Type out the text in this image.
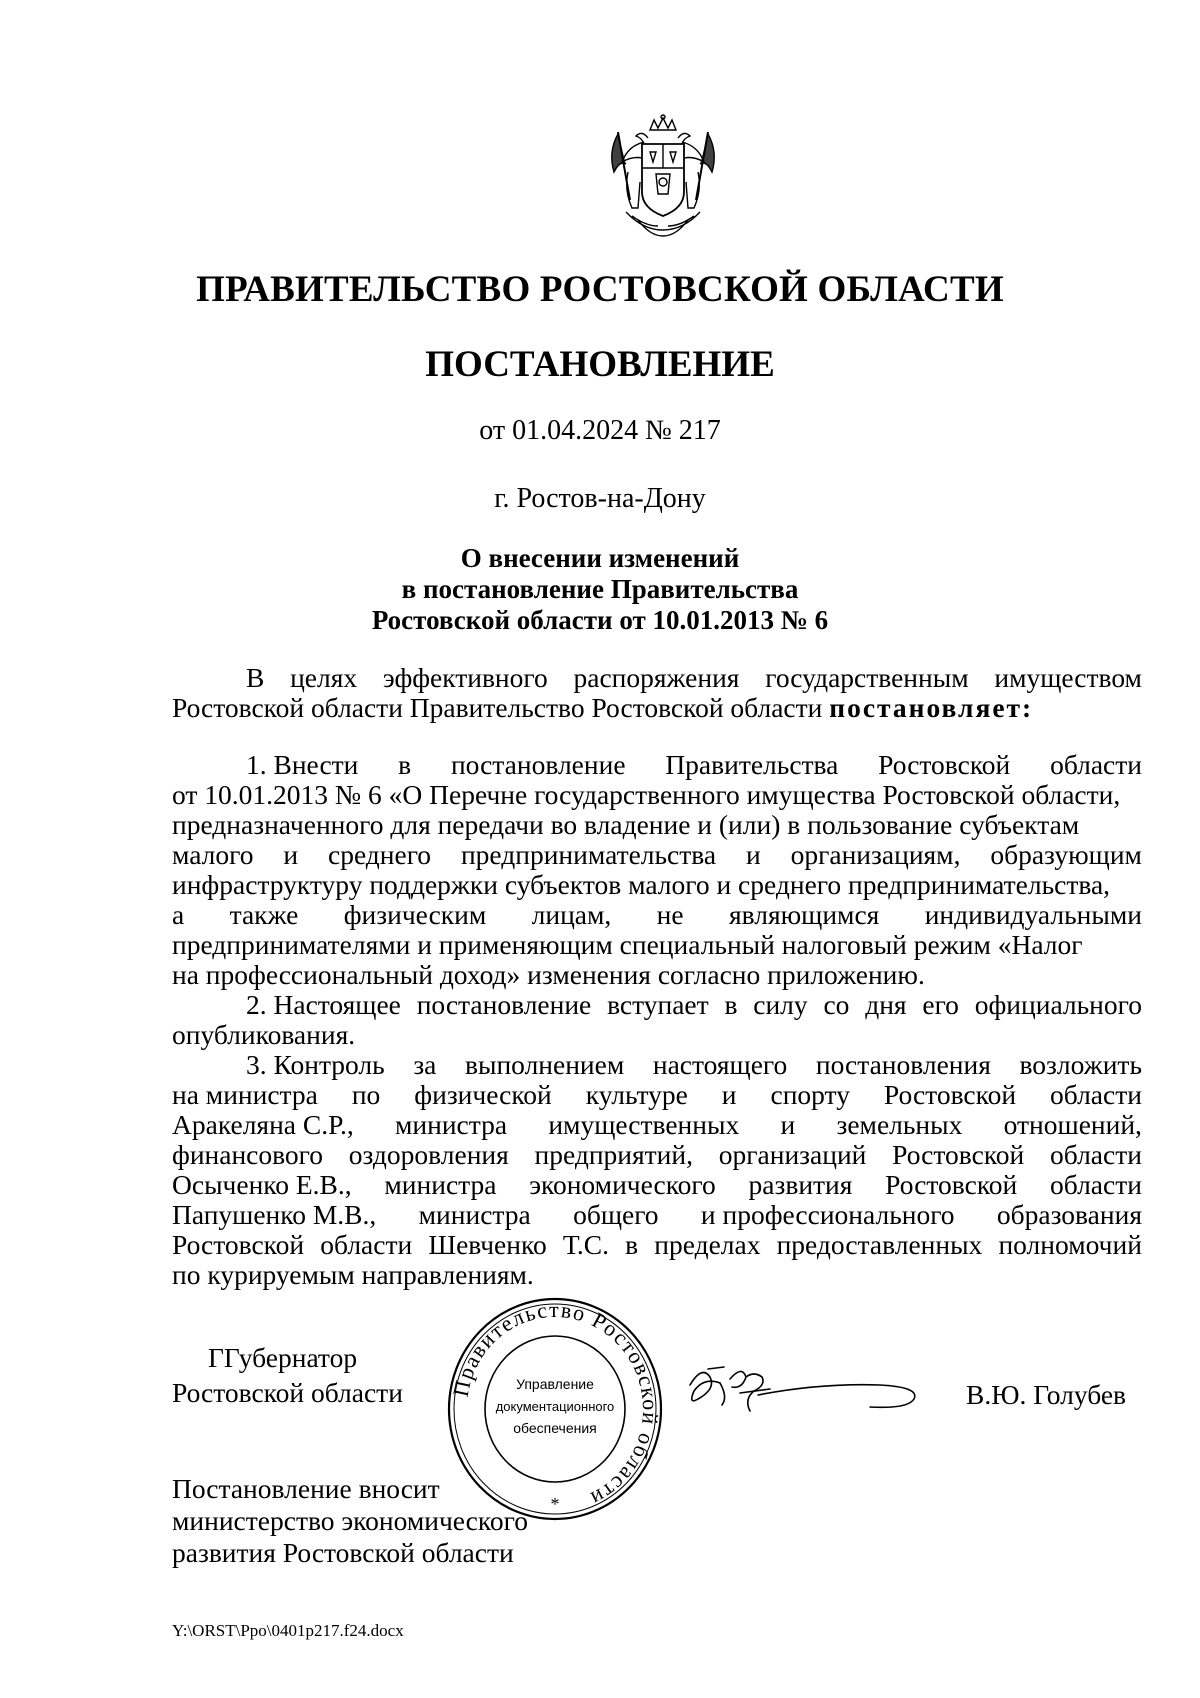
ПРАВИТЕЛЬСТВО РОСТОВСКОЙ ОБЛАСТИ
ПОСТАНОВЛЕНИЕ
от 01.04.2024 № 217
г. Ростов-на-Дону
О внесении изменений
в постановление Правительства
Ростовской области от 10.01.2013 № 6
В целях эффективного распоряжения государственным имуществом
Ростовской области Правительство Ростовской области
постановляет:
1. Внести в постановление Правительства Ростовской области
от 10.01.2013 № 6 «О Перечне государственного имущества Ростовской области,
предназначенного для передачи во владение и (или) в пользование субъектам
малого и среднего предпринимательства и организациям, образующим
инфраструктуру поддержки субъектов малого и среднего предпринимательства,
а также физическим лицам, не являющимся индивидуальными
предпринимателями и применяющим специальный налоговый режим «Налог
на профессиональный доход» изменения согласно приложению.
2. Настоящее постановление вступает в силу со дня его официального
опубликования.
3. Контроль за выполнением настоящего постановления возложить
на министра по физической культуре и спорту Ростовской области
Аракеляна С.Р., министра имущественных и земельных отношений,
финансового оздоровления предприятий, организаций Ростовской области
Осыченко Е.В., министра экономического развития Ростовской области
Папушенко М.В., министра общего и профессионального образования
Ростовской области Шевченко Т.С. в пределах предоставленных полномочий
по курируемым направлениям.
ГГубернатор
Ростовской области Правительство Ростовской области
Управление
документационного
обеспечения
*
В.Ю. Голубев
Постановление вносит
министерство экономического
развития Ростовской области
Y:\ORST\Ppo\0401p217.f24.docx
